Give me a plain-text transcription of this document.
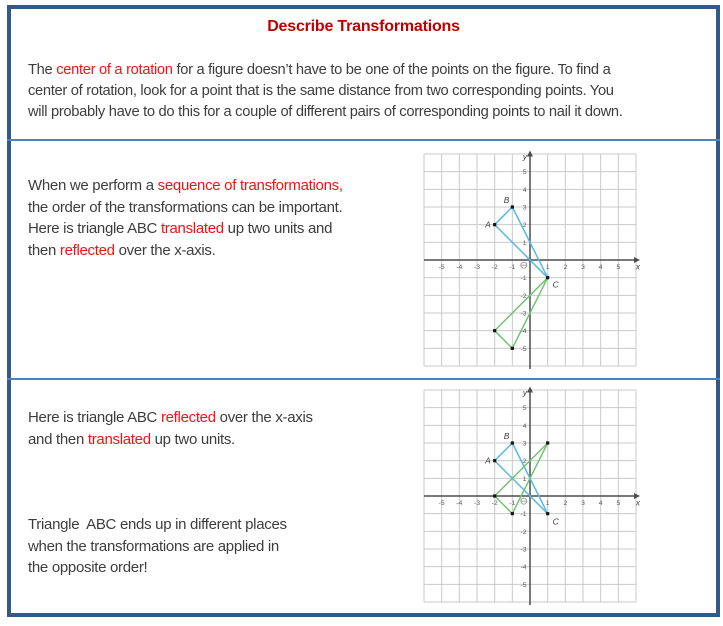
Describe Transformations
The center of a rotation for a figure doesn’t have to be one of the points on the figure. To find a
center of rotation, look for a point that is the same distance from two corresponding points. You
will probably have to do this for a couple of different pairs of corresponding points to nail it down.
When we perform a sequence of transformations,
the order of the transformations can be important.
Here is triangle ABC translated up two units and
then reflected over the x-axis.
-5
-5
-4
-4
-3
-3
-2
-2
-1
-1
1
1
2
2
3
3
4
4
5
5
x
y
A
B
C
Here is triangle ABC reflected over the x-axis
and then translated up two units.
Triangle  ABC ends up in different places
when the transformations are applied in
the opposite order!
-5
-5
-4
-4
-3
-3
-2
-2
-1
-1
1
1
2
2
3
3
4
4
5
5
x
y
A
B
C
